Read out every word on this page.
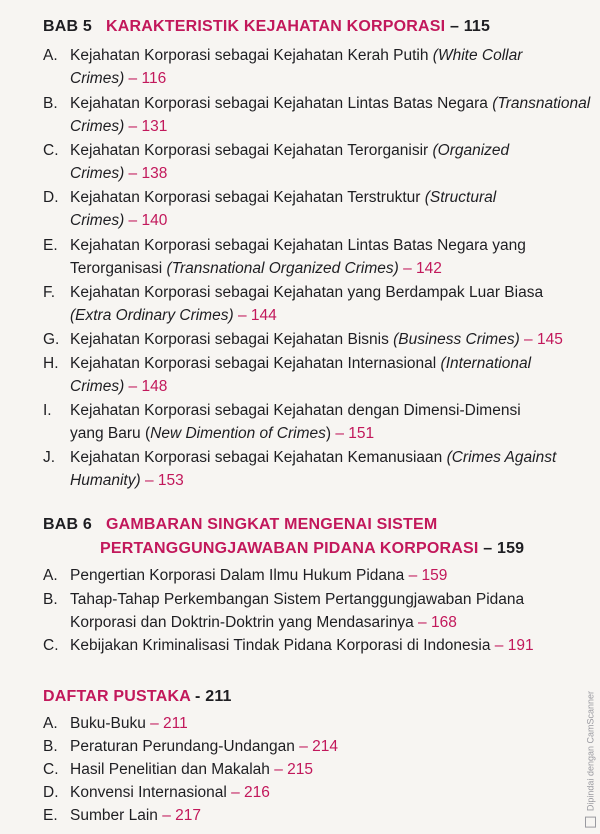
BAB 5 KARAKTERISTIK KEJAHATAN KORPORASI – 115
A. Kejahatan Korporasi sebagai Kejahatan Kerah Putih (White Collar
Crimes) – 116
B. Kejahatan Korporasi sebagai Kejahatan Lintas Batas Negara (Transnational
Crimes) – 131
C. Kejahatan Korporasi sebagai Kejahatan Terorganisir (Organized
Crimes) – 138
D. Kejahatan Korporasi sebagai Kejahatan Terstruktur (Structural
Crimes) – 140
E. Kejahatan Korporasi sebagai Kejahatan Lintas Batas Negara yang
Terorganisasi (Transnational Organized Crimes) – 142
F. Kejahatan Korporasi sebagai Kejahatan yang Berdampak Luar Biasa
(Extra Ordinary Crimes) – 144
G. Kejahatan Korporasi sebagai Kejahatan Bisnis (Business Crimes) – 145
H. Kejahatan Korporasi sebagai Kejahatan Internasional (International
Crimes) – 148
I.	Kejahatan Korporasi sebagai Kejahatan dengan Dimensi-Dimensi
yang Baru (New Dimention of Crimes) – 151
J. Kejahatan Korporasi sebagai Kejahatan Kemanusiaan (Crimes Against
Humanity) – 153
BAB 6 GAMBARAN SINGKAT MENGENAI SISTEM
PERTANGGUNGJAWABAN PIDANA KORPORASI – 159
A. Pengertian Korporasi Dalam Ilmu Hukum Pidana – 159
B. Tahap-Tahap Perkembangan Sistem Pertanggungjawaban Pidana
Korporasi dan Doktrin-Doktrin yang Mendasarinya – 168
C. Kebijakan Kriminalisasi Tindak Pidana Korporasi di Indonesia – 191
DAFTAR PUSTAKA - 211
A. Buku-Buku – 211
B. Peraturan Perundang-Undangan – 214
C. Hasil Penelitian dan Makalah – 215
D. Konvensi Internasional – 216
E. Sumber Lain – 217
Dipindai dengan CamScanner
